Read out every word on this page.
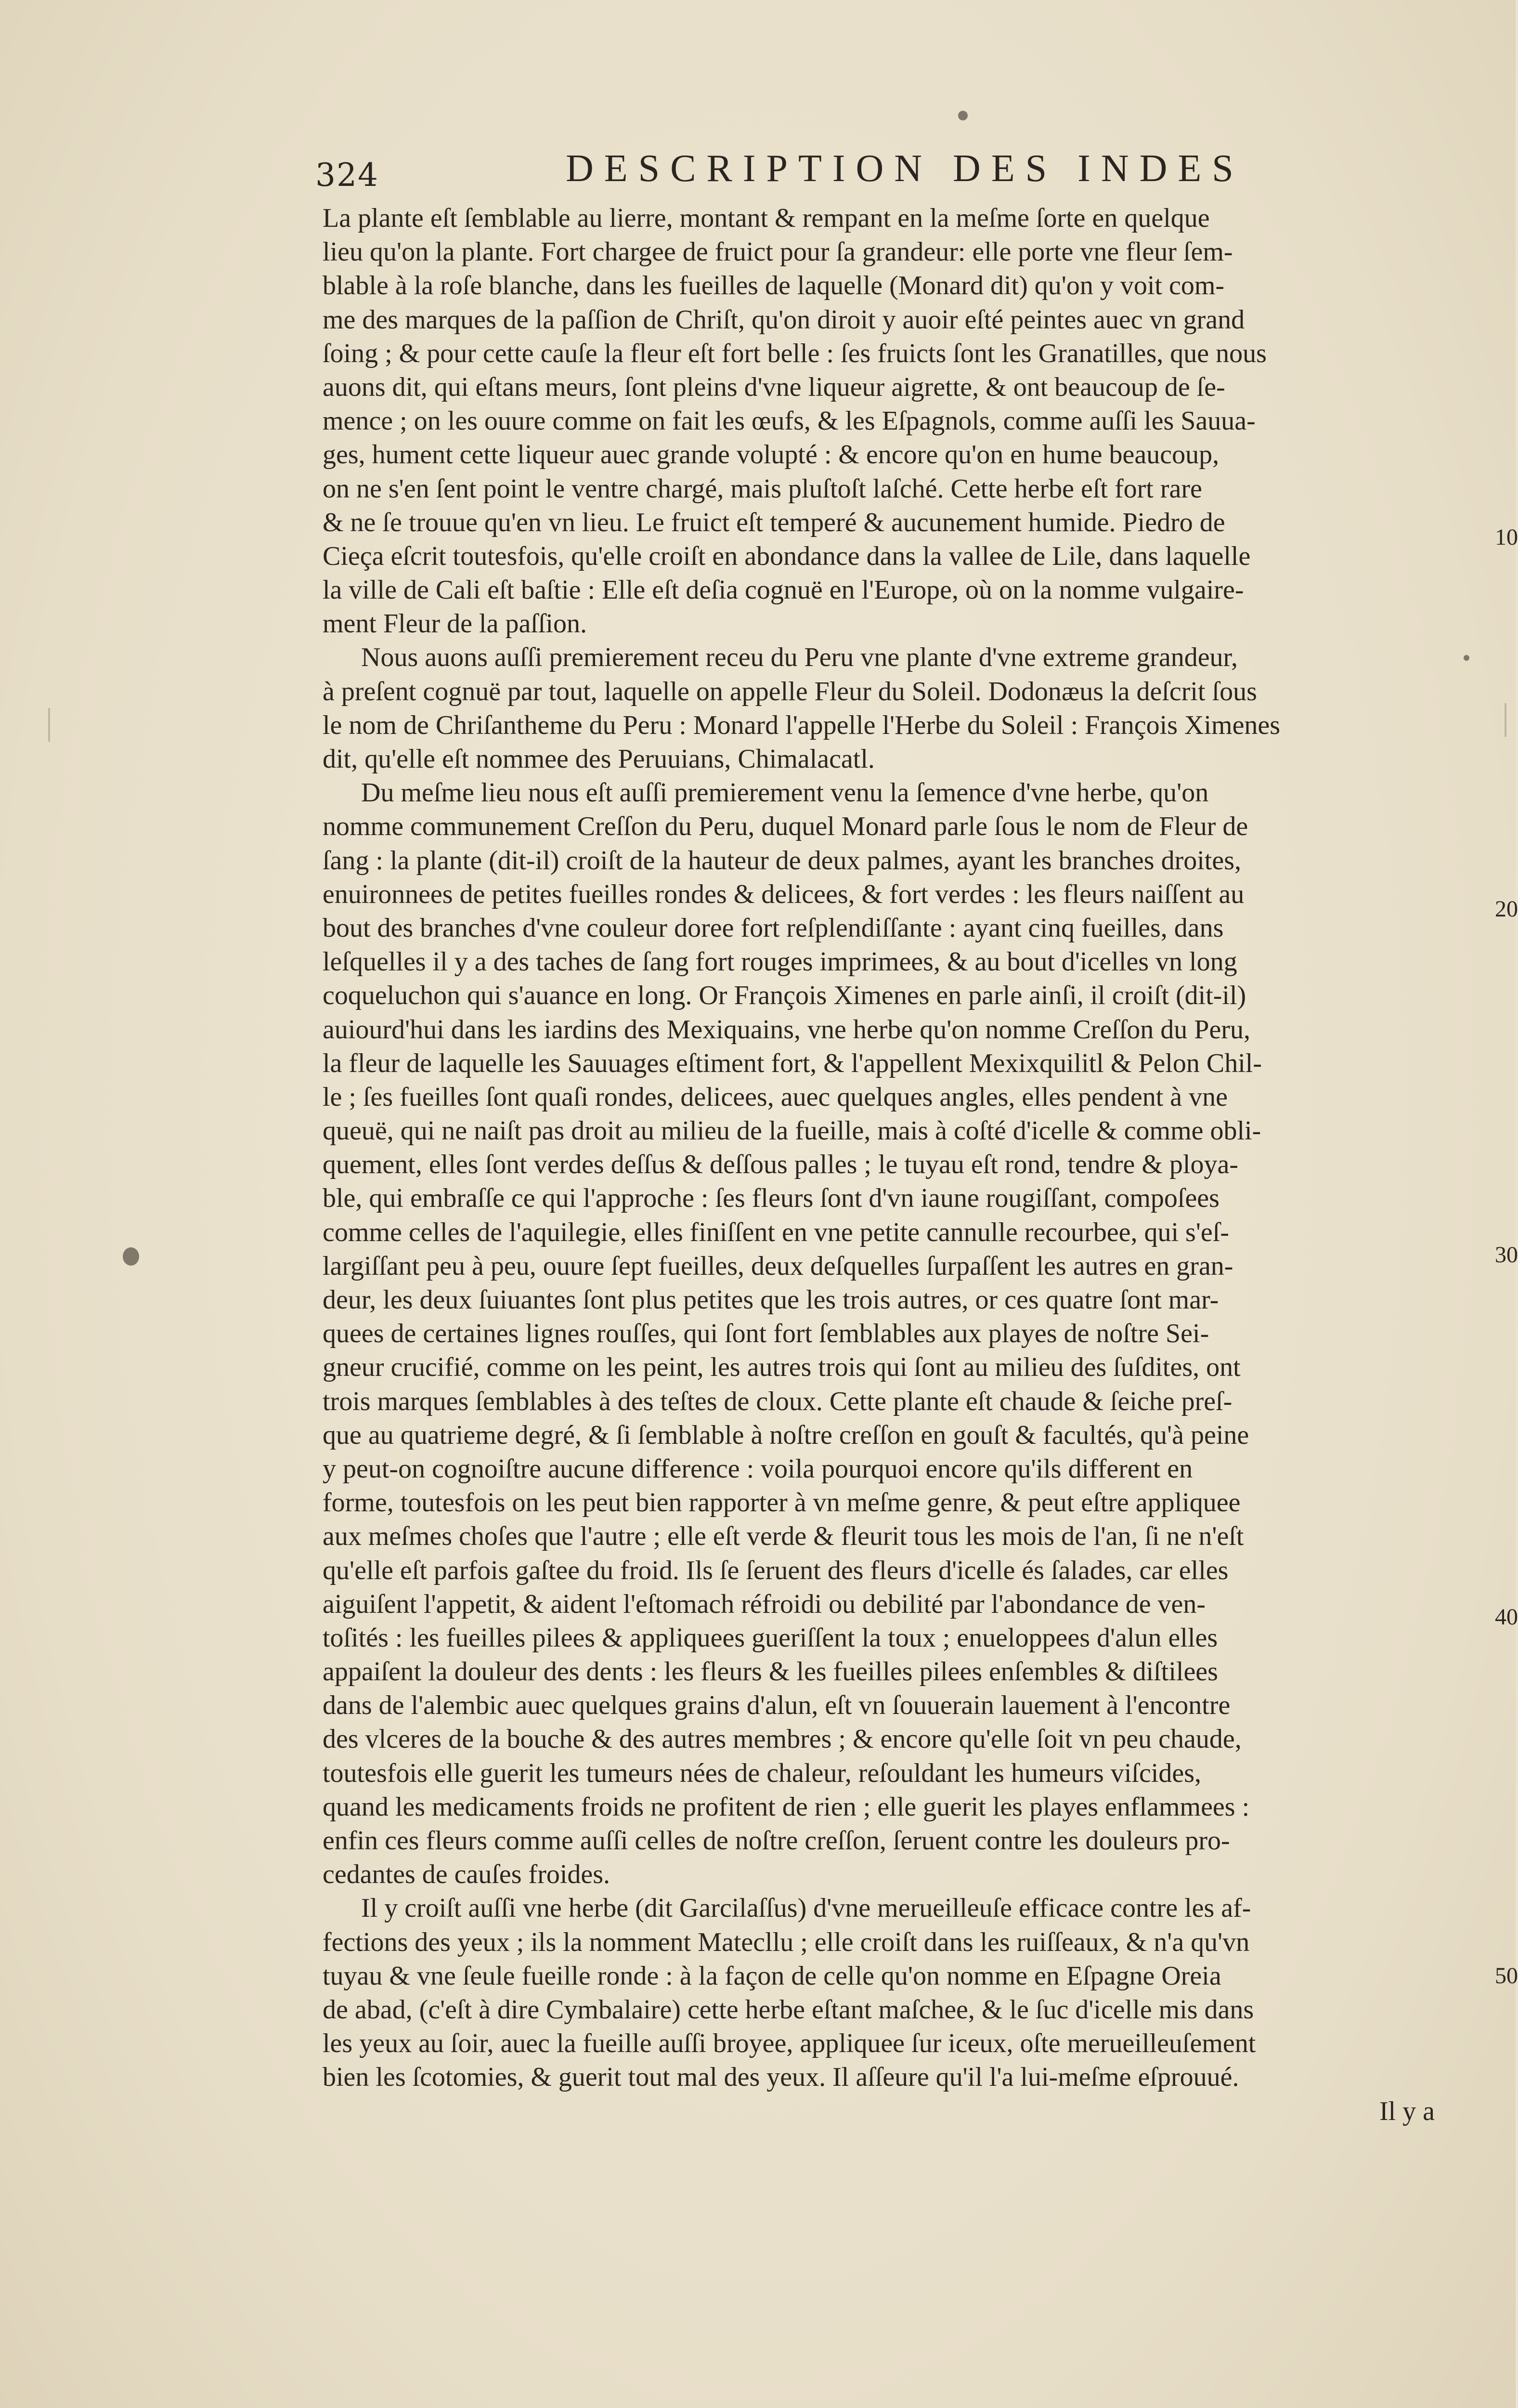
324	DESCRIPTION DES INDES
La plante eſt ſemblable au lierre, montant & rempant en la meſme ſorte en quelque
lieu qu'on la plante. Fort chargee de fruict pour ſa grandeur: elle porte vne fleur ſem-
blable à la roſe blanche, dans les fueilles de laquelle (Monard dit) qu'on y voit com-
me des marques de la paſſion de Chriſt, qu'on diroit y auoir eſté peintes auec vn grand
ſoing ; & pour cette cauſe la fleur eſt fort belle : ſes fruicts ſont les Granatilles, que nous
auons dit, qui eſtans meurs, ſont pleins d'vne liqueur aigrette, & ont beaucoup de ſe-
mence ; on les ouure comme on fait les œufs, & les Eſpagnols, comme auſſi les Sauua-
ges, hument cette liqueur auec grande volupté : & encore qu'on en hume beaucoup,
on ne s'en ſent point le ventre chargé, mais pluſtoſt laſché. Cette herbe eſt fort rare
& ne ſe trouue qu'en vn lieu. Le fruict eſt temperé & aucunement humide. Piedro de
Cieça eſcrit toutesfois, qu'elle croiſt en abondance dans la vallee de Lile, dans laquelle
la ville de Cali eſt baſtie : Elle eſt deſia cognuë en l'Europe, où on la nomme vulgaire-
ment Fleur de la paſſion.
Nous auons auſſi premierement receu du Peru vne plante d'vne extreme grandeur,
à preſent cognuë par tout, laquelle on appelle Fleur du Soleil. Dodonæus la deſcrit ſous
le nom de Chriſantheme du Peru : Monard l'appelle l'Herbe du Soleil : François Ximenes
dit, qu'elle eſt nommee des Peruuians, Chimalacatl.
Du meſme lieu nous eſt auſſi premierement venu la ſemence d'vne herbe, qu'on
nomme communement Creſſon du Peru, duquel Monard parle ſous le nom de Fleur de
ſang : la plante (dit-il) croiſt de la hauteur de deux palmes, ayant les branches droites,
enuironnees de petites fueilles rondes & delicees, & fort verdes : les fleurs naiſſent au
bout des branches d'vne couleur doree fort reſplendiſſante : ayant cinq fueilles, dans
leſquelles il y a des taches de ſang fort rouges imprimees, & au bout d'icelles vn long
coqueluchon qui s'auance en long. Or François Ximenes en parle ainſi, il croiſt (dit-il)
auiourd'hui dans les iardins des Mexiquains, vne herbe qu'on nomme Creſſon du Peru,
la fleur de laquelle les Sauuages eſtiment fort, & l'appellent Mexixquilitl & Pelon Chil-
le ; ſes fueilles ſont quaſi rondes, delicees, auec quelques angles, elles pendent à vne
queuë, qui ne naiſt pas droit au milieu de la fueille, mais à coſté d'icelle & comme obli-
quement, elles ſont verdes deſſus & deſſous palles ; le tuyau eſt rond, tendre & ploya-
ble, qui embraſſe ce qui l'approche : ſes fleurs ſont d'vn iaune rougiſſant, compoſees
comme celles de l'aquilegie, elles finiſſent en vne petite cannulle recourbee, qui s'eſ-
largiſſant peu à peu, ouure ſept fueilles, deux deſquelles ſurpaſſent les autres en gran-
deur, les deux ſuiuantes ſont plus petites que les trois autres, or ces quatre ſont mar-
quees de certaines lignes rouſſes, qui ſont fort ſemblables aux playes de noſtre Sei-
gneur crucifié, comme on les peint, les autres trois qui ſont au milieu des ſuſdites, ont
trois marques ſemblables à des teſtes de cloux. Cette plante eſt chaude & ſeiche preſ-
que au quatrieme degré, & ſi ſemblable à noſtre creſſon en gouſt & facultés, qu'à peine
y peut-on cognoiſtre aucune difference : voila pourquoi encore qu'ils different en
forme, toutesfois on les peut bien rapporter à vn meſme genre, & peut eſtre appliquee
aux meſmes choſes que l'autre ; elle eſt verde & fleurit tous les mois de l'an, ſi ne n'eſt
qu'elle eſt parfois gaſtee du froid. Ils ſe ſeruent des fleurs d'icelle és ſalades, car elles
aiguiſent l'appetit, & aident l'eſtomach réfroidi ou debilité par l'abondance de ven-
toſités : les fueilles pilees & appliquees gueriſſent la toux ; enueloppees d'alun elles
appaiſent la douleur des dents : les fleurs & les fueilles pilees enſembles & diſtilees
dans de l'alembic auec quelques grains d'alun, eſt vn ſouuerain lauement à l'encontre
des vlceres de la bouche & des autres membres ; & encore qu'elle ſoit vn peu chaude,
toutesfois elle guerit les tumeurs nées de chaleur, reſouldant les humeurs viſcides,
quand les medicaments froids ne profitent de rien ; elle guerit les playes enflammees :
enfin ces fleurs comme auſſi celles de noſtre creſſon, ſeruent contre les douleurs pro-
cedantes de cauſes froides.
Il y croiſt auſſi vne herbe (dit Garcilaſſus) d'vne merueilleuſe efficace contre les af-
fections des yeux ; ils la nomment Matecllu ; elle croiſt dans les ruiſſeaux, & n'a qu'vn
tuyau & vne ſeule fueille ronde : à la façon de celle qu'on nomme en Eſpagne Oreia
de abad, (c'eſt à dire Cymbalaire) cette herbe eſtant maſchee, & le ſuc d'icelle mis dans
les yeux au ſoir, auec la fueille auſſi broyee, appliquee ſur iceux, oſte merueilleuſement
bien les ſcotomies, & guerit tout mal des yeux. Il aſſeure qu'il l'a lui-meſme eſprouué.
Il y a
10
20
30
40
50
